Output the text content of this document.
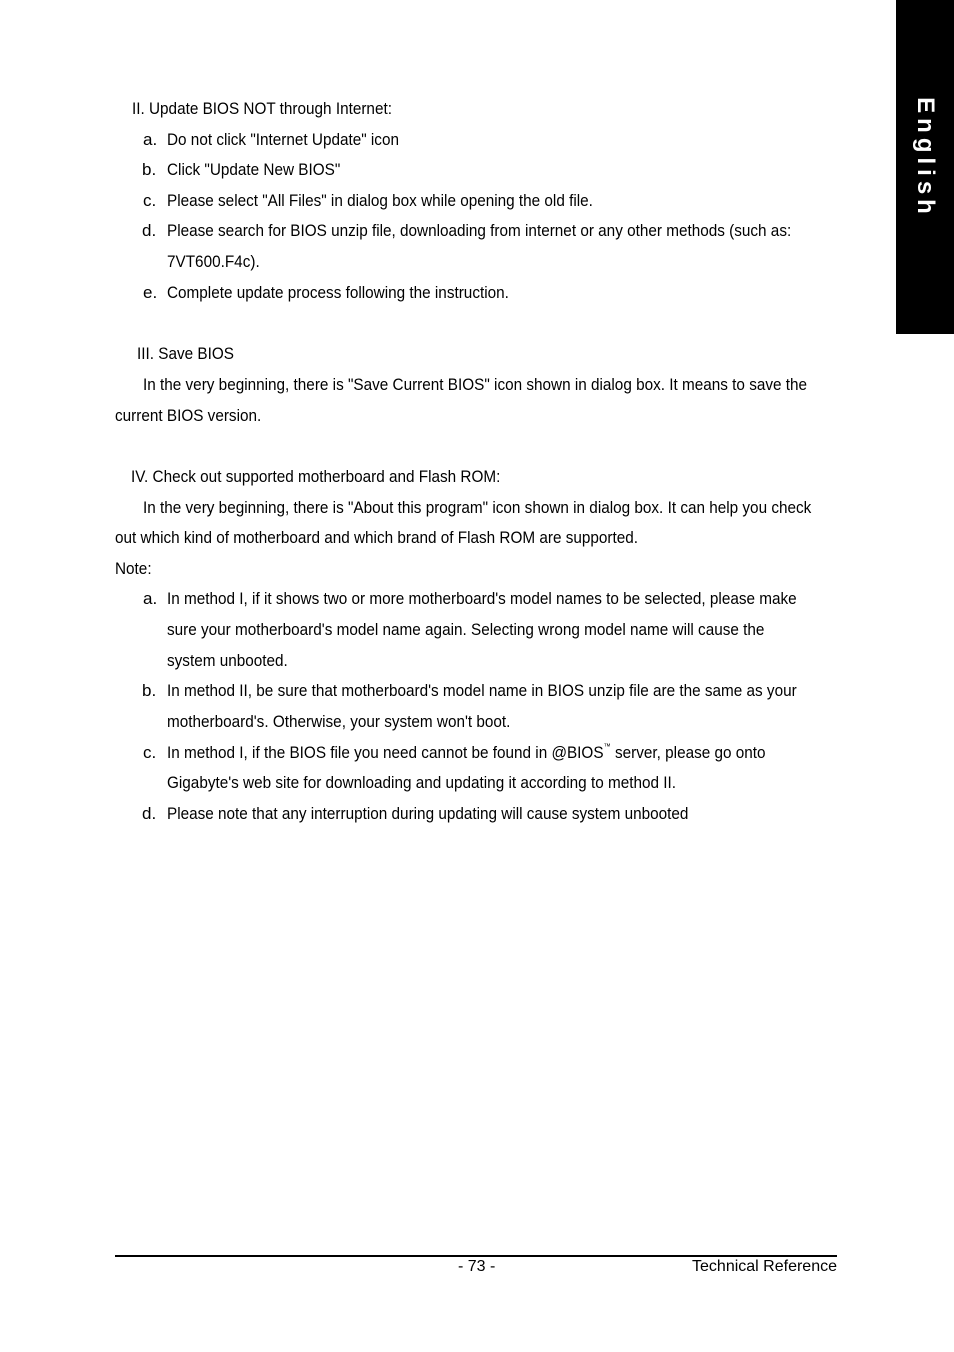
English
II. Update BIOS NOT through Internet:
a. Do not click "Internet Update" icon
b. Click "Update New BIOS"
c. Please select "All Files" in dialog box while opening the old file.
d. Please search for BIOS unzip file, downloading from internet or any other methods (such as:
7VT600.F4c).
e. Complete update process following the instruction.
III. Save BIOS
In the very beginning, there is "Save Current BIOS" icon shown in dialog box. It means to save the
current BIOS version.
IV. Check out supported motherboard and Flash ROM:
In the very beginning, there is "About this program" icon shown in dialog box. It can help you check
out which kind of motherboard and which brand of Flash ROM are supported.
Note:
a. In method I, if it shows two or more motherboard's model names to be selected, please make
sure your motherboard's model name again. Selecting wrong model name will cause the
system unbooted.
b. In method II, be sure that motherboard's model name in BIOS unzip file are the same as your
motherboard's. Otherwise, your system won't boot.
c. In method I, if the BIOS file you need cannot be found in @BIOS™ server, please go onto
Gigabyte's web site for downloading and updating it according to method II.
d. Please note that any interruption during updating will cause system unbooted
- 73 -	Technical Reference
